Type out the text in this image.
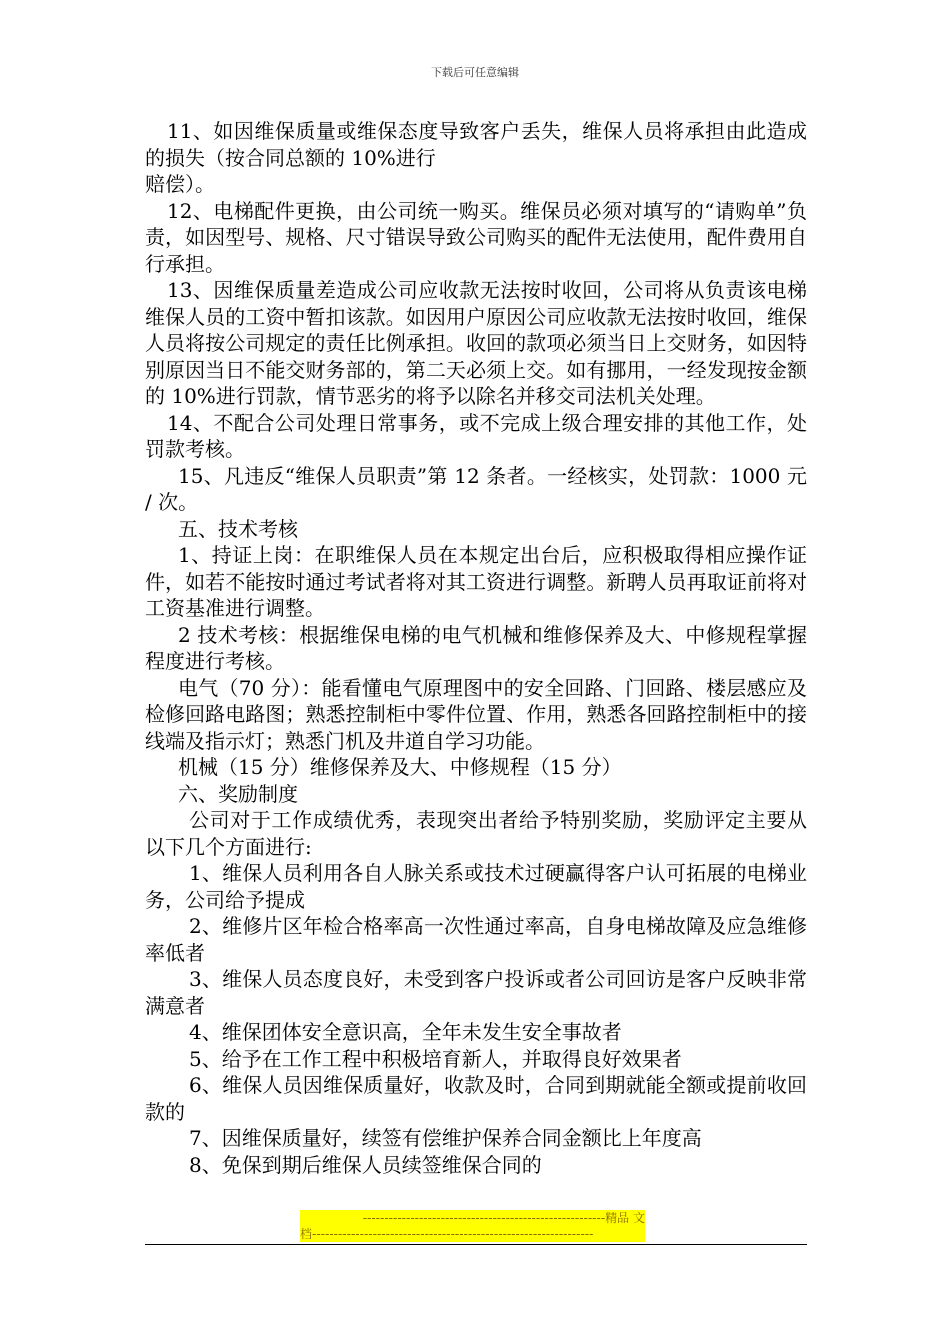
下载后可任意编辑

11、如因维保质量或维保态度导致客户丢失，维保人员将承担由此造成的损失（按合同总额的 10%进行

赔偿）。

12、电梯配件更换，由公司统一购买。维保员必须对填写的“请购单”负责，如因型号、规格、尺寸错误导致公司购买的配件无法使用，配件费用自行承担。

13、因维保质量差造成公司应收款无法按时收回，公司将从负责该电梯维保人员的工资中暂扣该款。如因用户原因公司应收款无法按时收回，维保人员将按公司规定的责任比例承担。收回的款项必须当日上交财务，如因特别原因当日不能交财务部的，第二天必须上交。如有挪用，一经发现按金额的 10%进行罚款，情节恶劣的将予以除名并移交司法机关处理。

14、不配合公司处理日常事务，或不完成上级合理安排的其他工作，处罚款考核。

15、凡违反“维保人员职责”第 12 条者。一经核实，处罚款：1000 元 / 次。

五、技术考核

1、持证上岗：在职维保人员在本规定出台后，应积极取得相应操作证件，如若不能按时通过考试者将对其工资进行调整。新聘人员再取证前将对工资基准进行调整。

2 技术考核：根据维保电梯的电气机械和维修保养及大、中修规程掌握程度进行考核。

电气（70 分）：能看懂电气原理图中的安全回路、门回路、楼层感应及检修回路电路图；熟悉控制柜中零件位置、作用，熟悉各回路控制柜中的接线端及指示灯；熟悉门机及井道自学习功能。

机械（15 分）维修保养及大、中修规程（15 分）

六、奖励制度

公司对于工作成绩优秀，表现突出者给予特别奖励，奖励评定主要从以下几个方面进行:

1、维保人员利用各自人脉关系或技术过硬赢得客户认可拓展的电梯业务，公司给予提成

2、维修片区年检合格率高一次性通过率高，自身电梯故障及应急维修率低者

3、维保人员态度良好，未受到客户投诉或者公司回访是客户反映非常满意者

4、维保团体安全意识高，全年未发生安全事故者

5、给予在工作工程中积极培育新人，并取得良好效果者

6、维保人员因维保质量好，收款及时，合同到期就能全额或提前收回款的

7、因维保质量好，续签有偿维护保养合同金额比上年度高

8、免保到期后维保人员续签维保合同的

--------------------------------------------------------精品 文
档-----------------------------------------------------------------
